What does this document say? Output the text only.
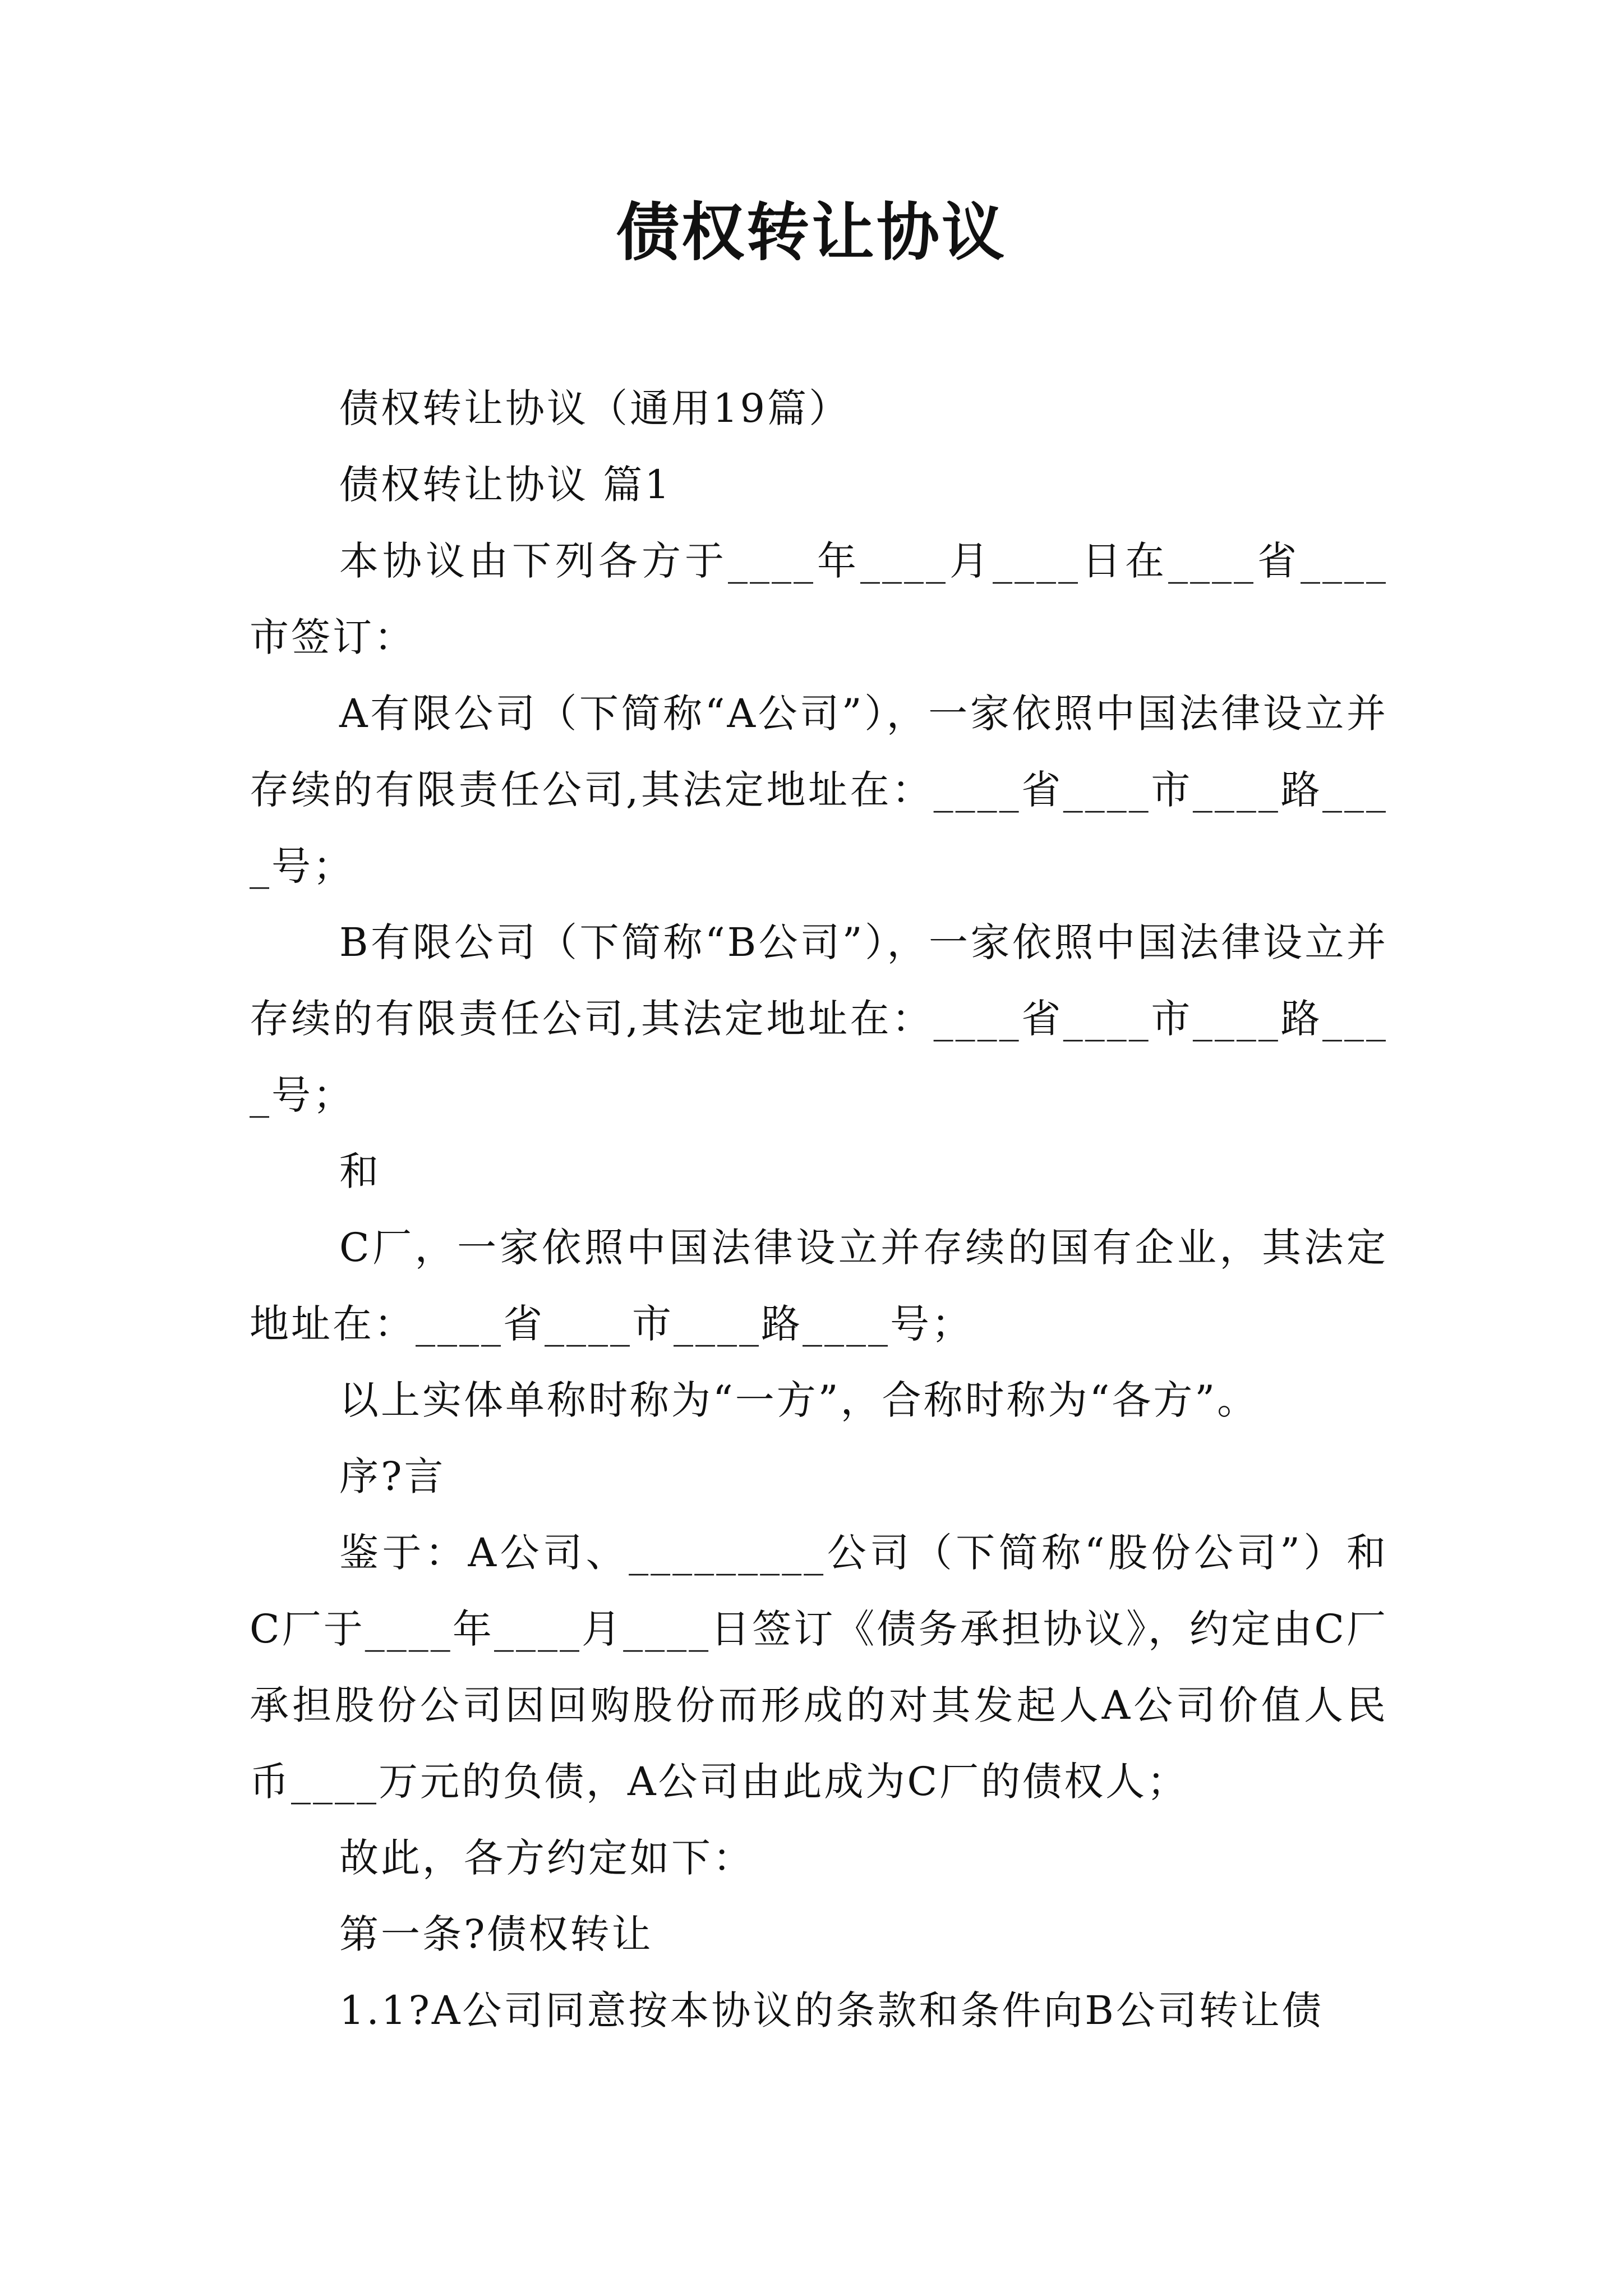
债权转让协议

债权转让协议（通用19篇）

债权转让协议 篇1

本协议由下列各方于____年____月____日在____省____市签订：

A有限公司（下简称“A公司”），一家依照中国法律设立并存续的有限责任公司,其法定地址在：____省____市____路____号；

B有限公司（下简称“B公司”），一家依照中国法律设立并存续的有限责任公司,其法定地址在：____省____市____路____号；

和

C厂，一家依照中国法律设立并存续的国有企业，其法定地址在：____省____市____路____号；

以上实体单称时称为“一方”，合称时称为“各方”。

序?言

鉴于：A公司、_________公司（下简称“股份公司”）和C厂于____年____月____日签订《债务承担协议》，约定由C厂承担股份公司因回购股份而形成的对其发起人A公司价值人民币____万元的负债，A公司由此成为C厂的债权人；

故此，各方约定如下：

第一条?债权转让

1.1?A公司同意按本协议的条款和条件向B公司转让债
